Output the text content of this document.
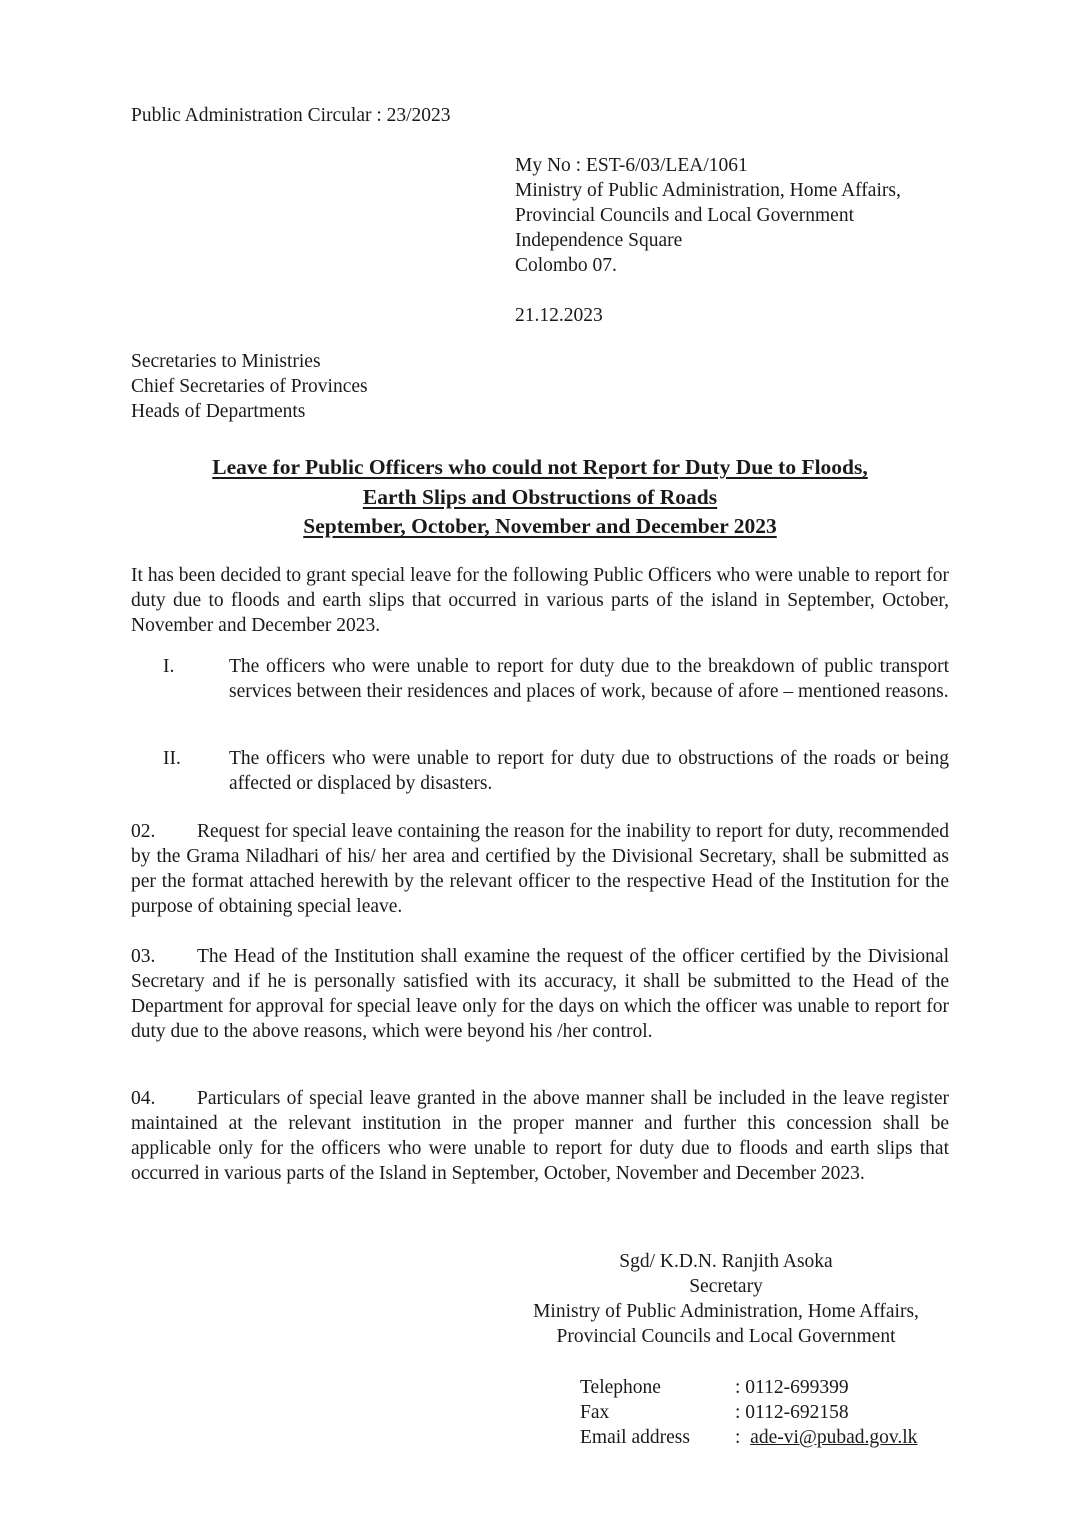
Public Administration Circular : 23/2023
My No : EST-6/03/LEA/1061
Ministry of Public Administration, Home Affairs,
Provincial Councils and Local Government
Independence Square
Colombo 07.
21.12.2023
Secretaries to Ministries
Chief Secretaries of Provinces
Heads of Departments
Leave for Public Officers who could not Report for Duty Due to Floods,
Earth Slips and Obstructions of Roads
September, October, November and December 2023
It has been decided to grant special leave for the following Public Officers who were unable to report for duty due to floods and earth slips that occurred in various parts of the island in September, October, November and December 2023.
I.	The officers who were unable to report for duty due to the breakdown of public transport services between their residences and places of work, because of afore – mentioned reasons.
II.	The officers who were unable to report for duty due to obstructions of the roads or being affected or displaced by disasters.
02. Request for special leave containing the reason for the inability to report for duty, recommended by the Grama Niladhari of his/ her area and certified by the Divisional Secretary, shall be submitted as per the format attached herewith by the relevant officer to the respective Head of the Institution for the purpose of obtaining special leave.
03. The Head of the Institution shall examine the request of the officer certified by the Divisional Secretary and if he is personally satisfied with its accuracy, it shall be submitted to the Head of the Department for approval for special leave only for the days on which the officer was unable to report for duty due to the above reasons, which were beyond his /her control.
04. Particulars of special leave granted in the above manner shall be included in the leave register maintained at the relevant institution in the proper manner and further this concession shall be applicable only for the officers who were unable to report for duty due to floods and earth slips that occurred in various parts of the Island in September, October, November and December 2023.
Sgd/ K.D.N. Ranjith Asoka
Secretary
Ministry of Public Administration, Home Affairs,
Provincial Councils and Local Government
Telephone	: 0112-699399
Fax	: 0112-692158
Email address	: ade-vi@pubad.gov.lk
